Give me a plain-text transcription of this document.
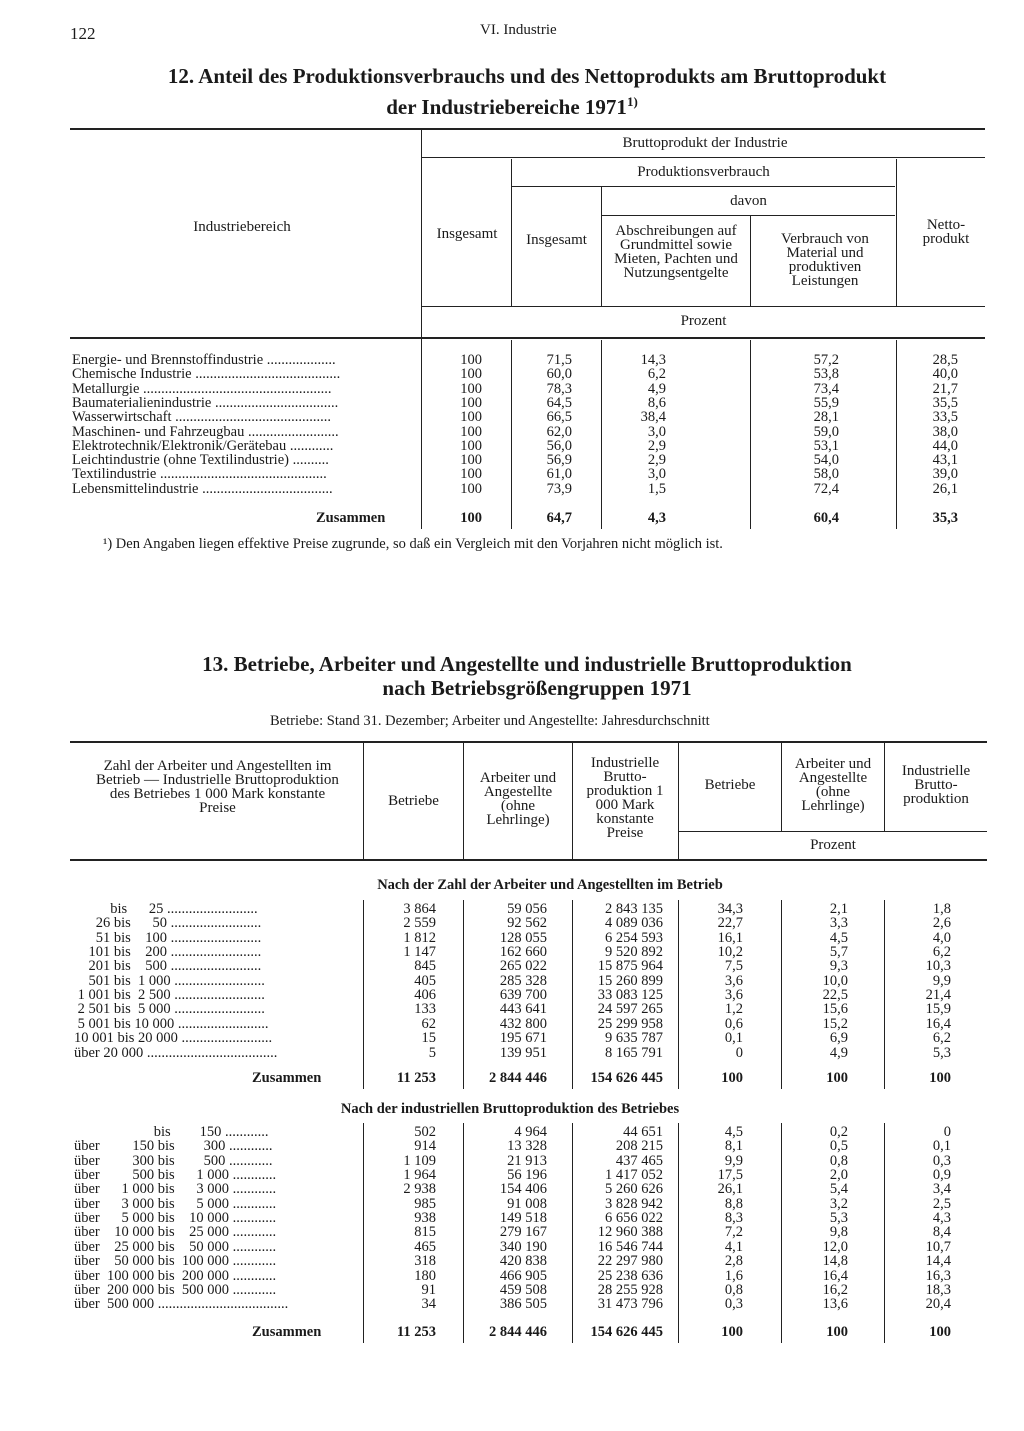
122	VI. Industrie
12. Anteil des Produktionsverbrauchs und des Nettoprodukts am Bruttoprodukt
der Industriebereiche 1971$^{1)}$
Industriebereich
Bruttoprodukt der Industrie
Insgesamt
Produktionsverbrauch
Insgesamt
davon
Abschreibungen auf Grundmittel sowie Mieten, Pachten und Nutzungsentgelte
Verbrauch von Material und produktiven Leistungen
Netto-produkt
Prozent
Energie- und Brennstoffindustrie ...................	100	71,5	14,3	57,2	28,5
Chemische Industrie ........................................	100	60,0	6,2	53,8	40,0
Metallurgie ....................................................	100	78,3	4,9	73,4	21,7
Baumaterialienindustrie ..................................	100	64,5	8,6	55,9	35,5
Wasserwirtschaft ...........................................	100	66,5	38,4	28,1	33,5
Maschinen- und Fahrzeugbau .........................	100	62,0	3,0	59,0	38,0
Elektrotechnik/Elektronik/Gerätebau ............	100	56,0	2,9	53,1	44,0
Leichtindustrie (ohne Textilindustrie) ..........	100	56,9	2,9	54,0	43,1
Textilindustrie ..............................................	100	61,0	3,0	58,0	39,0
Lebensmittelindustrie ....................................	100	73,9	1,5	72,4	26,1
Zusammen	100	64,7	4,3	60,4	35,3
¹) Den Angaben liegen effektive Preise zugrunde, so daß ein Vergleich mit den Vorjahren nicht möglich ist.
13. Betriebe, Arbeiter und Angestellte und industrielle Bruttoproduktion
nach Betriebsgrößengruppen 1971
Betriebe: Stand 31. Dezember; Arbeiter und Angestellte: Jahresdurchschnitt
Zahl der Arbeiter und Angestellten im Betrieb — Industrielle Bruttoproduktion des Betriebes 1 000 Mark konstante Preise	Betriebe
Arbeiter und Angestellte (ohne Lehrlinge)
Industrielle Brutto-produktion 1 000 Mark konstante Preise
Betriebe
Arbeiter und Angestellte (ohne Lehrlinge)
Industrielle Brutto-produktion
Prozent
Nach der Zahl der Arbeiter und Angestellten im Betrieb
bis      25 .........................	3 864	59 056	2 843 135	34,3	2,1	1,8
26 bis      50 .........................	2 559	92 562	4 089 036	22,7	3,3	2,6
51 bis    100 .........................	1 812	128 055	6 254 593	16,1	4,5	4,0
101 bis    200 .........................	1 147	162 660	9 520 892	10,2	5,7	6,2
201 bis    500 .........................	845	265 022	15 875 964	7,5	9,3	10,3
501 bis  1 000 .........................	405	285 328	15 260 899	3,6	10,0	9,9
1 001 bis  2 500 .........................	406	639 700	33 083 125	3,6	22,5	21,4
2 501 bis  5 000 .........................	133	443 641	24 597 265	1,2	15,6	15,9
5 001 bis 10 000 .........................	62	432 800	25 299 958	0,6	15,2	16,4
10 001 bis 20 000 .........................	15	195 671	9 635 787	0,1	6,9	6,2
über 20 000 ....................................	5	139 951	8 165 791	0	4,9	5,3
Zusammen	11 253	2 844 446	154 626 445	100	100	100
Nach der industriellen Bruttoproduktion des Betriebes
bis        150 ............	502	4 964	44 651	4,5	0,2	0
über         150 bis        300 ............	914	13 328	208 215	8,1	0,5	0,1
über         300 bis        500 ............	1 109	21 913	437 465	9,9	0,8	0,3
über         500 bis      1 000 ............	1 964	56 196	1 417 052	17,5	2,0	0,9
über      1 000 bis      3 000 ............	2 938	154 406	5 260 626	26,1	5,4	3,4
über      3 000 bis      5 000 ............	985	91 008	3 828 942	8,8	3,2	2,5
über      5 000 bis    10 000 ............	938	149 518	6 656 022	8,3	5,3	4,3
über    10 000 bis    25 000 ............	815	279 167	12 960 388	7,2	9,8	8,4
über    25 000 bis    50 000 ............	465	340 190	16 546 744	4,1	12,0	10,7
über    50 000 bis  100 000 ............	318	420 838	22 297 980	2,8	14,8	14,4
über  100 000 bis  200 000 ............	180	466 905	25 238 636	1,6	16,4	16,3
über  200 000 bis  500 000 ............	91	459 508	28 255 928	0,8	16,2	18,3
über  500 000 ....................................	34	386 505	31 473 796	0,3	13,6	20,4
Zusammen	11 253	2 844 446	154 626 445	100	100	100
